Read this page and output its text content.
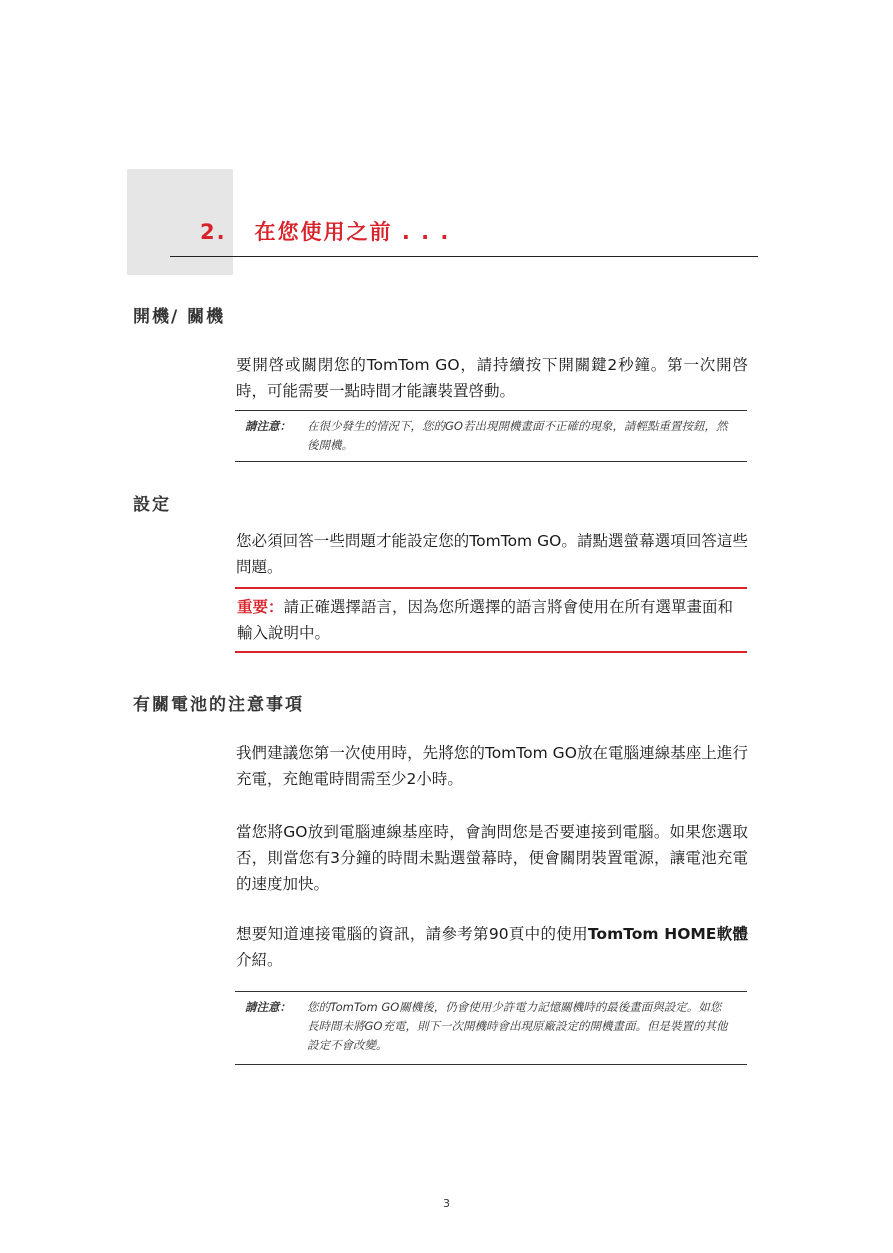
2. 在您使用之前 . . .
開機/ 關機
要開啓或關閉您的TomTom GO，請持續按下開關鍵2秒鐘。第一次開啓時，可能需要一點時間才能讓裝置啓動。
請注意： 在很少發生的情況下，您的GO若出現開機畫面不正確的現象，請輕點重置按鈕，然後開機。
設定
您必須回答一些問題才能設定您的TomTom GO。請點選螢幕選項回答這些問題。
重要：請正確選擇語言，因為您所選擇的語言將會使用在所有選單畫面和輸入說明中。
有關電池的注意事項
我們建議您第一次使用時，先將您的TomTom GO放在電腦連線基座上進行充電，充飽電時間需至少2小時。
當您將GO放到電腦連線基座時，會詢問您是否要連接到電腦。如果您選取否，則當您有3分鐘的時間未點選螢幕時，便會關閉裝置電源，讓電池充電的速度加快。
想要知道連接電腦的資訊，請參考第90頁中的使用TomTom HOME軟體介紹。
請注意： 您的TomTom GO關機後，仍會使用少許電力記憶關機時的最後畫面與設定。如您長時間未將GO充電，則下一次開機時會出現原廠設定的開機畫面。但是裝置的其他設定不會改變。
3
